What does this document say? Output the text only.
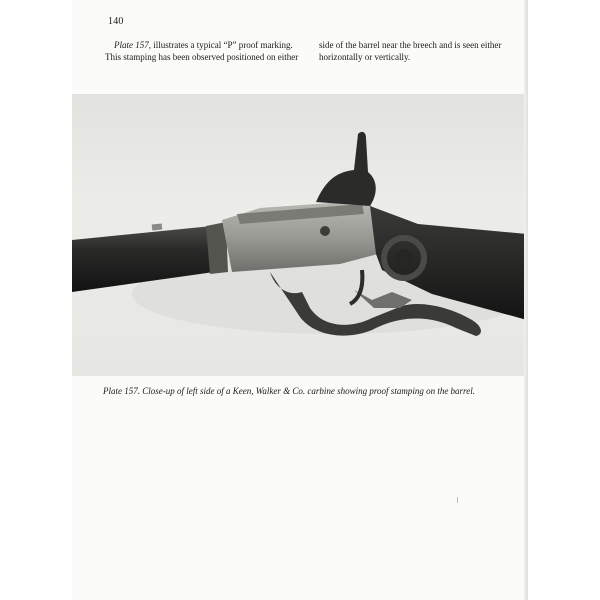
140
Plate 157, illustrates a typical “P” proof marking. This stamping has been observed positioned on either
side of the barrel near the breech and is seen either horizontally or vertically.
Plate 157. Close-up of left side of a Keen, Walker & Co. carbine showing proof stamping on the barrel.
